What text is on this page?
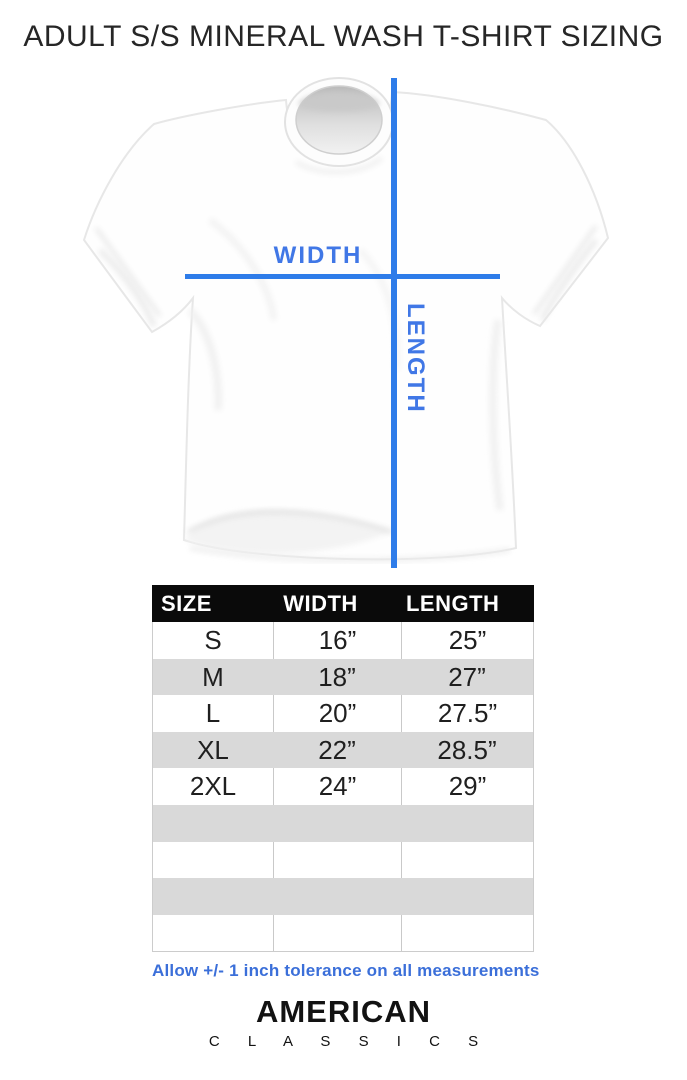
ADULT S/S MINERAL WASH T-SHIRT SIZING
WIDTH
LENGTH
SIZE	WIDTH	LENGTH
S	16”	25”
M	18”	27”
L	20”	27.5”
XL	22”	28.5”
2XL	24”	29”
Allow +/- 1 inch tolerance on all measurements
AMERICAN
C L A S S I C S
